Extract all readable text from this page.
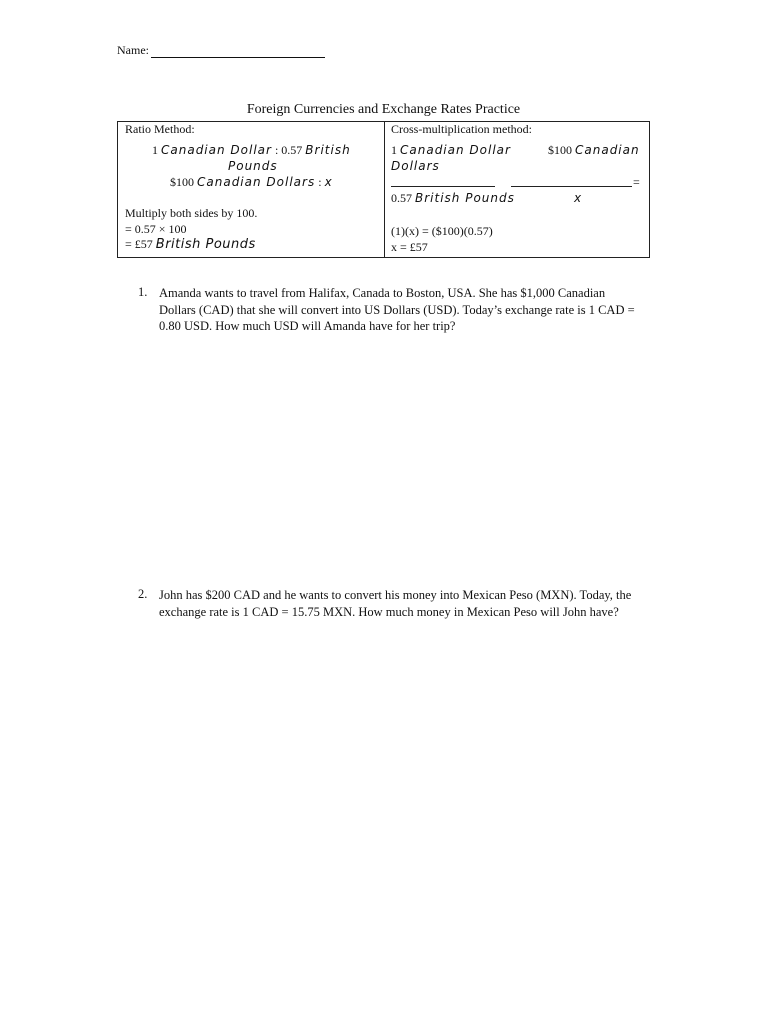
Name:
Foreign Currencies and Exchange Rates Practice
Ratio Method:
1 Canadian Dollar : 0.57 British
Pounds
$100 Canadian Dollars : x
Multiply both sides by 100.
= 0.57 × 100
= £57 British Pounds
Cross-multiplication method:
1 Canadian Dollar
Dollars
$100 Canadian
=
0.57 British Pounds	x
(1)(x) = ($100)(0.57)
x = £57
1. Amanda wants to travel from Halifax, Canada to Boston, USA. She has $1,000 Canadian Dollars (CAD) that she will convert into US Dollars (USD). Today’s exchange rate is 1 CAD = 0.80 USD. How much USD will Amanda have for her trip?
2. John has $200 CAD and he wants to convert his money into Mexican Peso (MXN). Today, the exchange rate is 1 CAD = 15.75 MXN. How much money in Mexican Peso will John have?
